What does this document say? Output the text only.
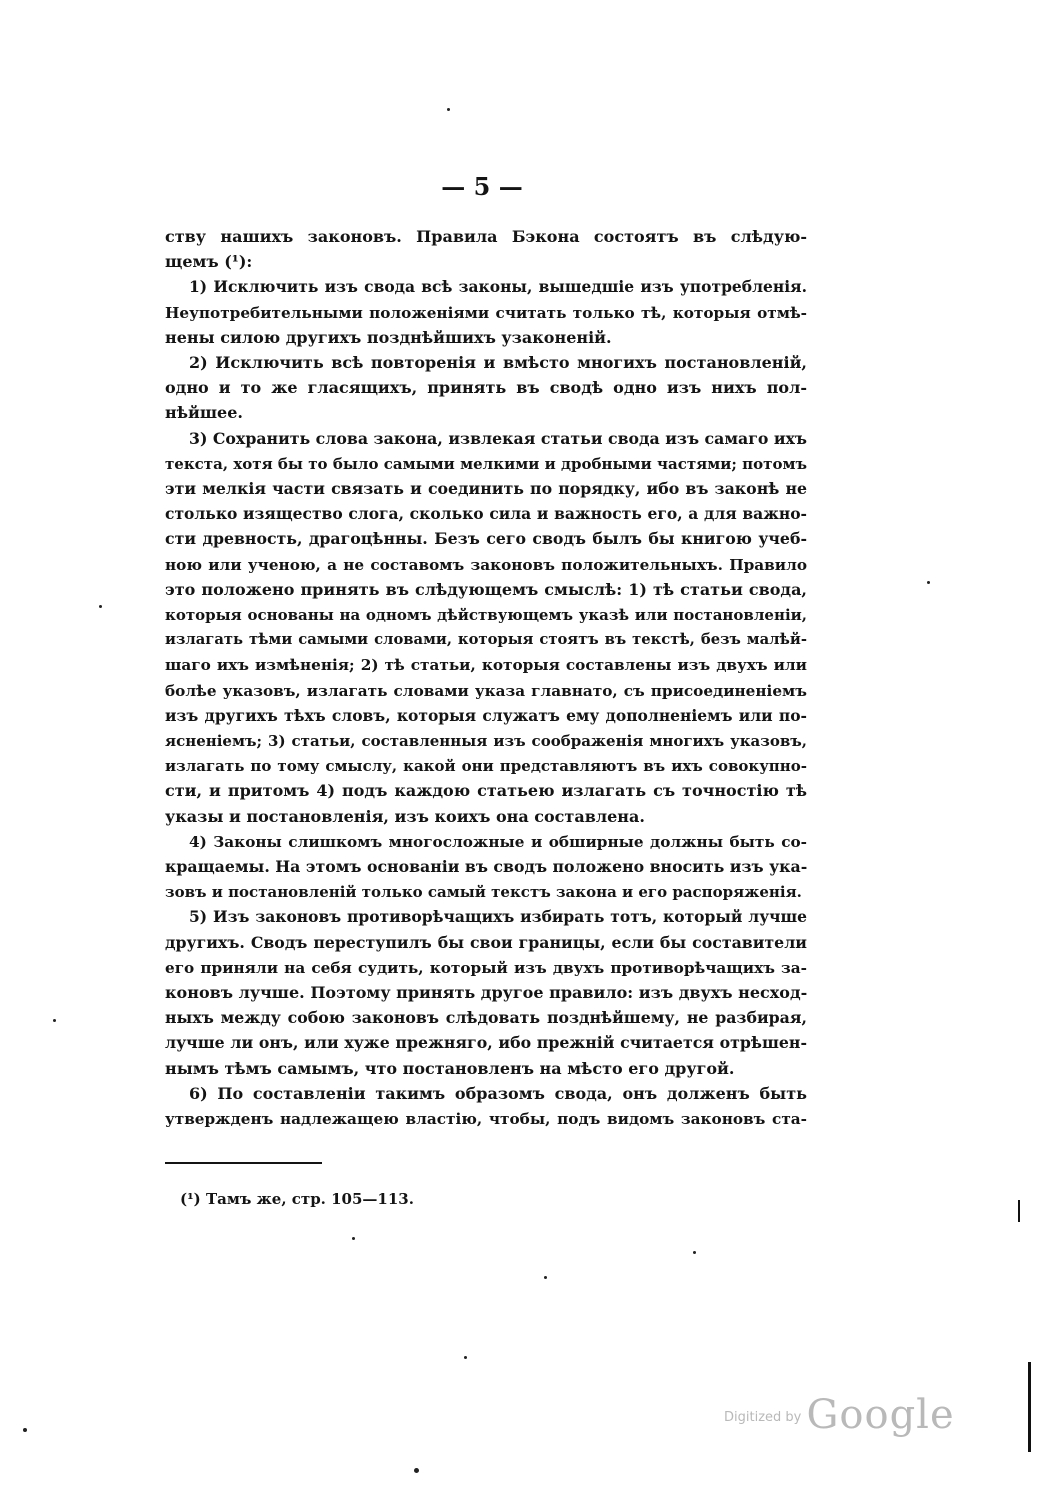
— 5 —
ству нашихъ законовъ. Правила Бэкона состоятъ въ слѣдую-
щемъ (¹):
1) Исключить изъ свода всѣ законы, вышедшіе изъ употребленія.
Неупотребительными положеніями считать только тѣ, которыя отмѣ-
нены силою другихъ позднѣйшихъ узаконеній.
2) Исключить всѣ повторенія и вмѣсто многихъ постановленій,
одно и то же гласящихъ, принять въ сводѣ одно изъ нихъ пол-
нѣйшее.
3) Сохранить слова закона, извлекая статьи свода изъ самаго ихъ
текста, хотя бы то было самыми мелкими и дробными частями; потомъ
эти мелкія части связать и соединить по порядку, ибо въ законѣ не
столько изящество слога, сколько сила и важность его, а для важно-
сти древность, драгоцѣнны. Безъ сего сводъ былъ бы книгою учеб-
ною или ученою, а не составомъ законовъ положительныхъ. Правило
это положено принять въ слѣдующемъ смыслѣ: 1) тѣ статьи свода,
которыя основаны на одномъ дѣйствующемъ указѣ или постановленіи,
излагать тѣми самыми словами, которыя стоятъ въ текстѣ, безъ малѣй-
шаго ихъ измѣненія; 2) тѣ статьи, которыя составлены изъ двухъ или
болѣе указовъ, излагать словами указа главнато, съ присоединеніемъ
изъ другихъ тѣхъ словъ, которыя служатъ ему дополненіемъ или по-
ясненіемъ; 3) статьи, составленныя изъ соображенія многихъ указовъ,
излагать по тому смыслу, какой они представляютъ въ ихъ совокупно-
сти, и притомъ 4) подъ каждою статьею излагать съ точностію тѣ
указы и постановленія, изъ коихъ она составлена.
4) Законы слишкомъ многосложные и обширные должны быть со-
кращаемы. На этомъ основаніи въ сводъ положено вносить изъ ука-
зовъ и постановленій только самый текстъ закона и его распоряженія.
5) Изъ законовъ противорѣчащихъ избирать тотъ, который лучше
другихъ. Сводъ переступилъ бы свои границы, если бы составители
его приняли на себя судить, который изъ двухъ противорѣчащихъ за-
коновъ лучше. Поэтому принять другое правило: изъ двухъ несход-
ныхъ между собою законовъ слѣдовать позднѣйшему, не разбирая,
лучше ли онъ, или хуже прежняго, ибо прежній считается отрѣшен-
нымъ тѣмъ самымъ, что постановленъ на мѣсто его другой.
6) По составленіи такимъ образомъ свода, онъ долженъ быть
утвержденъ надлежащею властію, чтобы, подъ видомъ законовъ ста-
(¹) Тамъ же, стр. 105—113.
$^{Digitized by}$ Google
